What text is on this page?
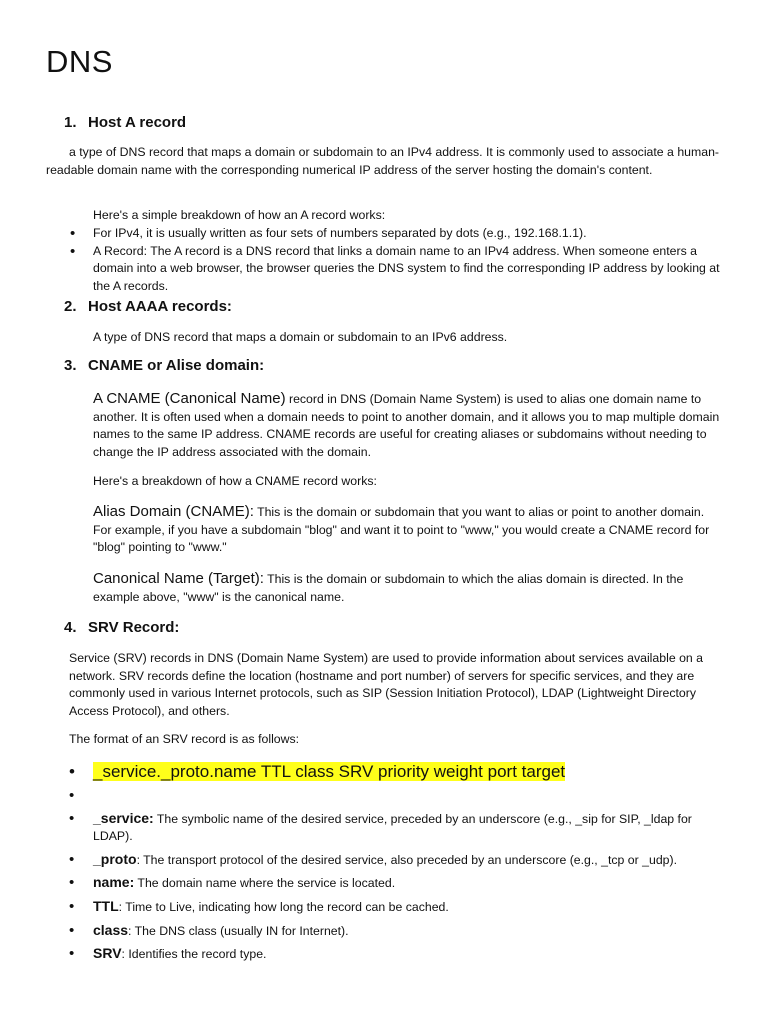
DNS
1. Host A record

a type of DNS record that maps a domain or subdomain to an IPv4 address. It is commonly used to associate a human-readable domain name with the corresponding numerical IP address of the server hosting the domain's content.

Here's a simple breakdown of how an A record works:

• For IPv4, it is usually written as four sets of numbers separated by dots (e.g., 192.168.1.1).
• A Record: The A record is a DNS record that links a domain name to an IPv4 address. When someone enters a domain into a web browser, the browser queries the DNS system to find the corresponding IP address by looking at the A records.
2. Host AAAA records:

A type of DNS record that maps a domain or subdomain to an IPv6 address.

3. CNAME or Alise domain:

A CNAME (Canonical Name) record in DNS (Domain Name System) is used to alias one domain name to another. It is often used when a domain needs to point to another domain, and it allows you to map multiple domain names to the same IP address. CNAME records are useful for creating aliases or subdomains without needing to change the IP address associated with the domain.

Here's a breakdown of how a CNAME record works:

Alias Domain (CNAME): This is the domain or subdomain that you want to alias or point to another domain. For example, if you have a subdomain "blog" and want it to point to "www," you would create a CNAME record for "blog" pointing to "www."

Canonical Name (Target): This is the domain or subdomain to which the alias domain is directed. In the example above, "www" is the canonical name.

4. SRV Record:

Service (SRV) records in DNS (Domain Name System) are used to provide information about services available on a network. SRV records define the location (hostname and port number) of servers for specific services, and they are commonly used in various Internet protocols, such as SIP (Session Initiation Protocol), LDAP (Lightweight Directory Access Protocol), and others.

The format of an SRV record is as follows:

• _service._proto.name TTL class SRV priority weight port target
•
• _service: The symbolic name of the desired service, preceded by an underscore (e.g., _sip for SIP, _ldap for LDAP).
• _proto: The transport protocol of the desired service, also preceded by an underscore (e.g., _tcp or _udp).
• name: The domain name where the service is located.
• TTL: Time to Live, indicating how long the record can be cached.
• class: The DNS class (usually IN for Internet).
• SRV: Identifies the record type.
